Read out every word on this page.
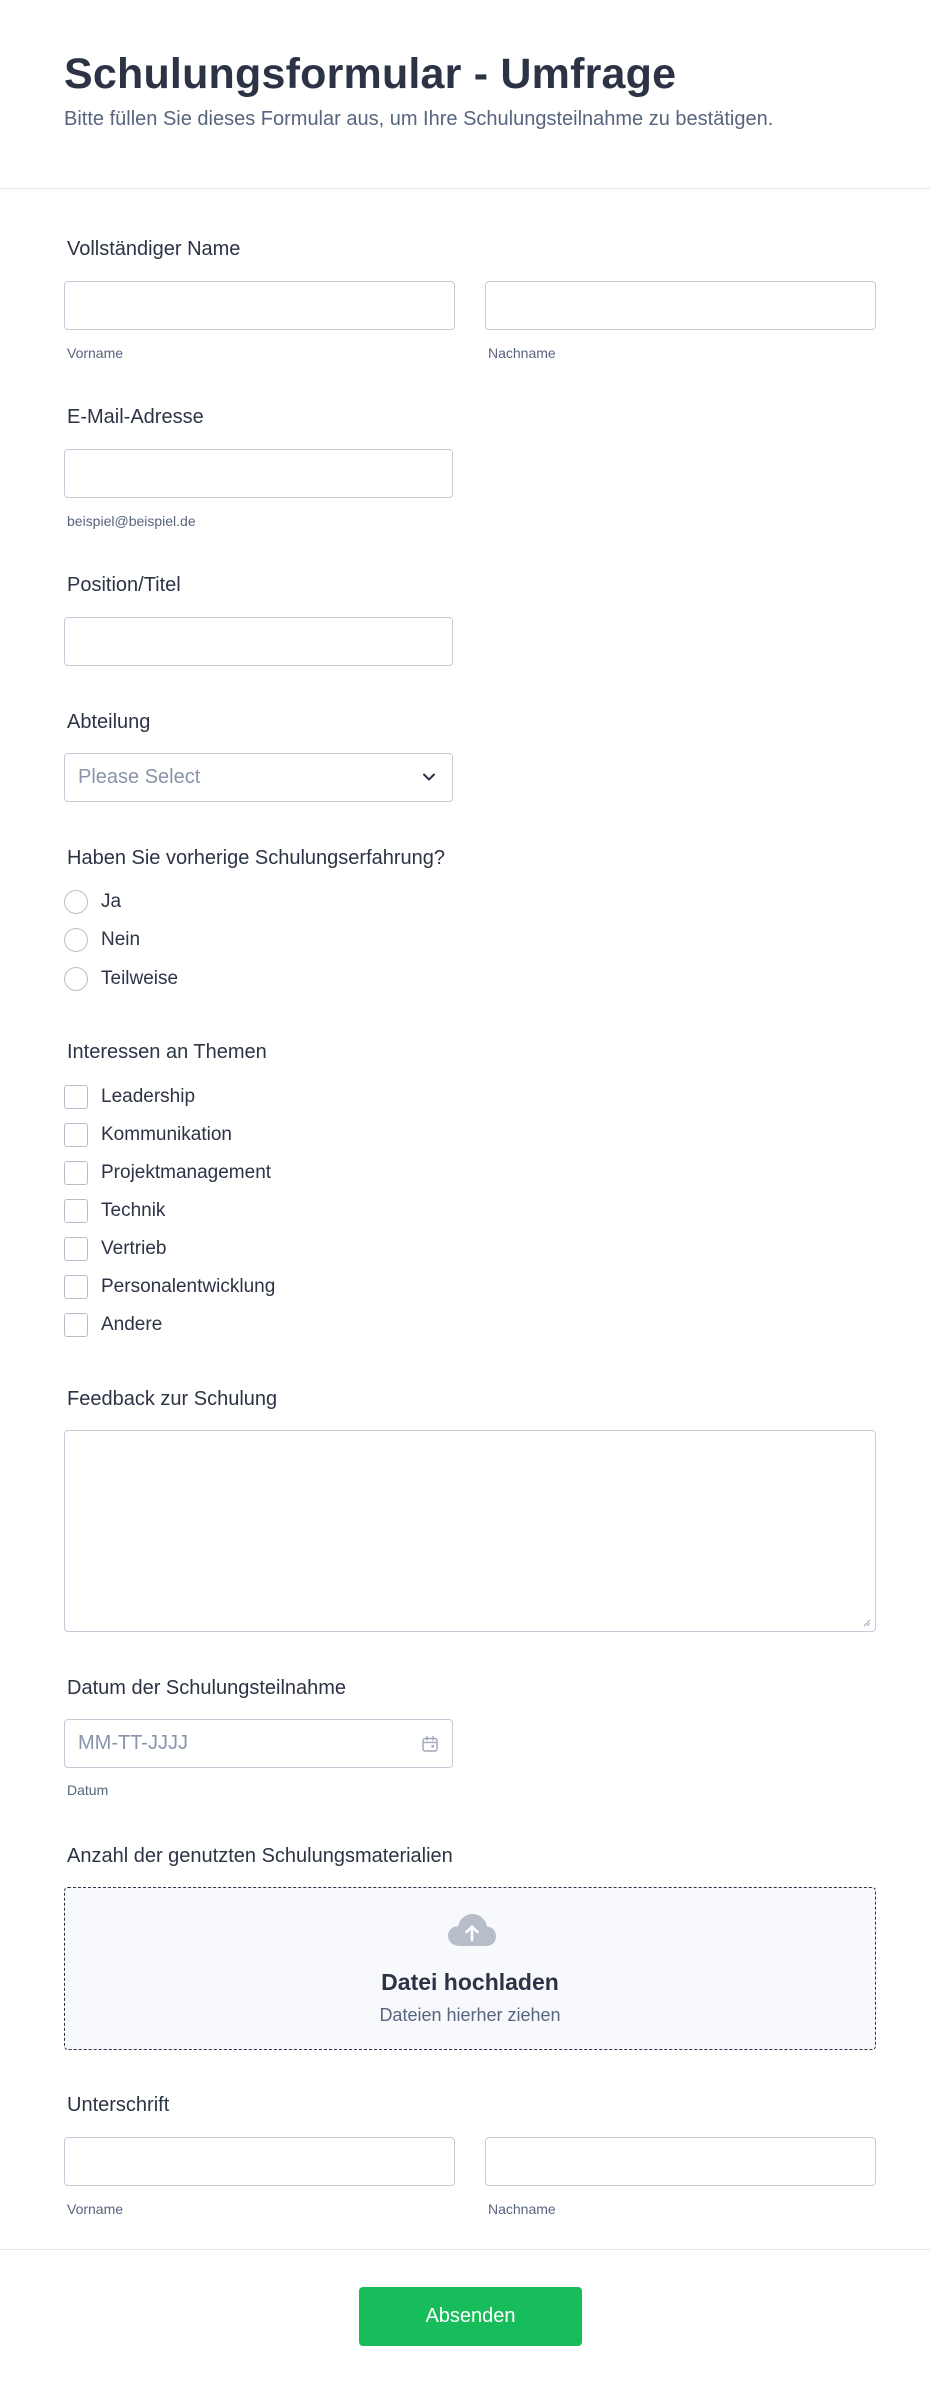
Schulungsformular - Umfrage
Bitte füllen Sie dieses Formular aus, um Ihre Schulungsteilnahme zu bestätigen.
Vollständiger Name
Vorname	Nachname
E-Mail-Adresse
beispiel@beispiel.de
Position/Titel
Abteilung
Please Select
Haben Sie vorherige Schulungserfahrung?
Ja
Nein
Teilweise
Interessen an Themen
Leadership
Kommunikation
Projektmanagement
Technik
Vertrieb
Personalentwicklung
Andere
Feedback zur Schulung
Datum der Schulungsteilnahme
MM-TT-JJJJ
Datum
Anzahl der genutzten Schulungsmaterialien
Datei hochladen
Dateien hierher ziehen
Unterschrift
Vorname	Nachname
Absenden
